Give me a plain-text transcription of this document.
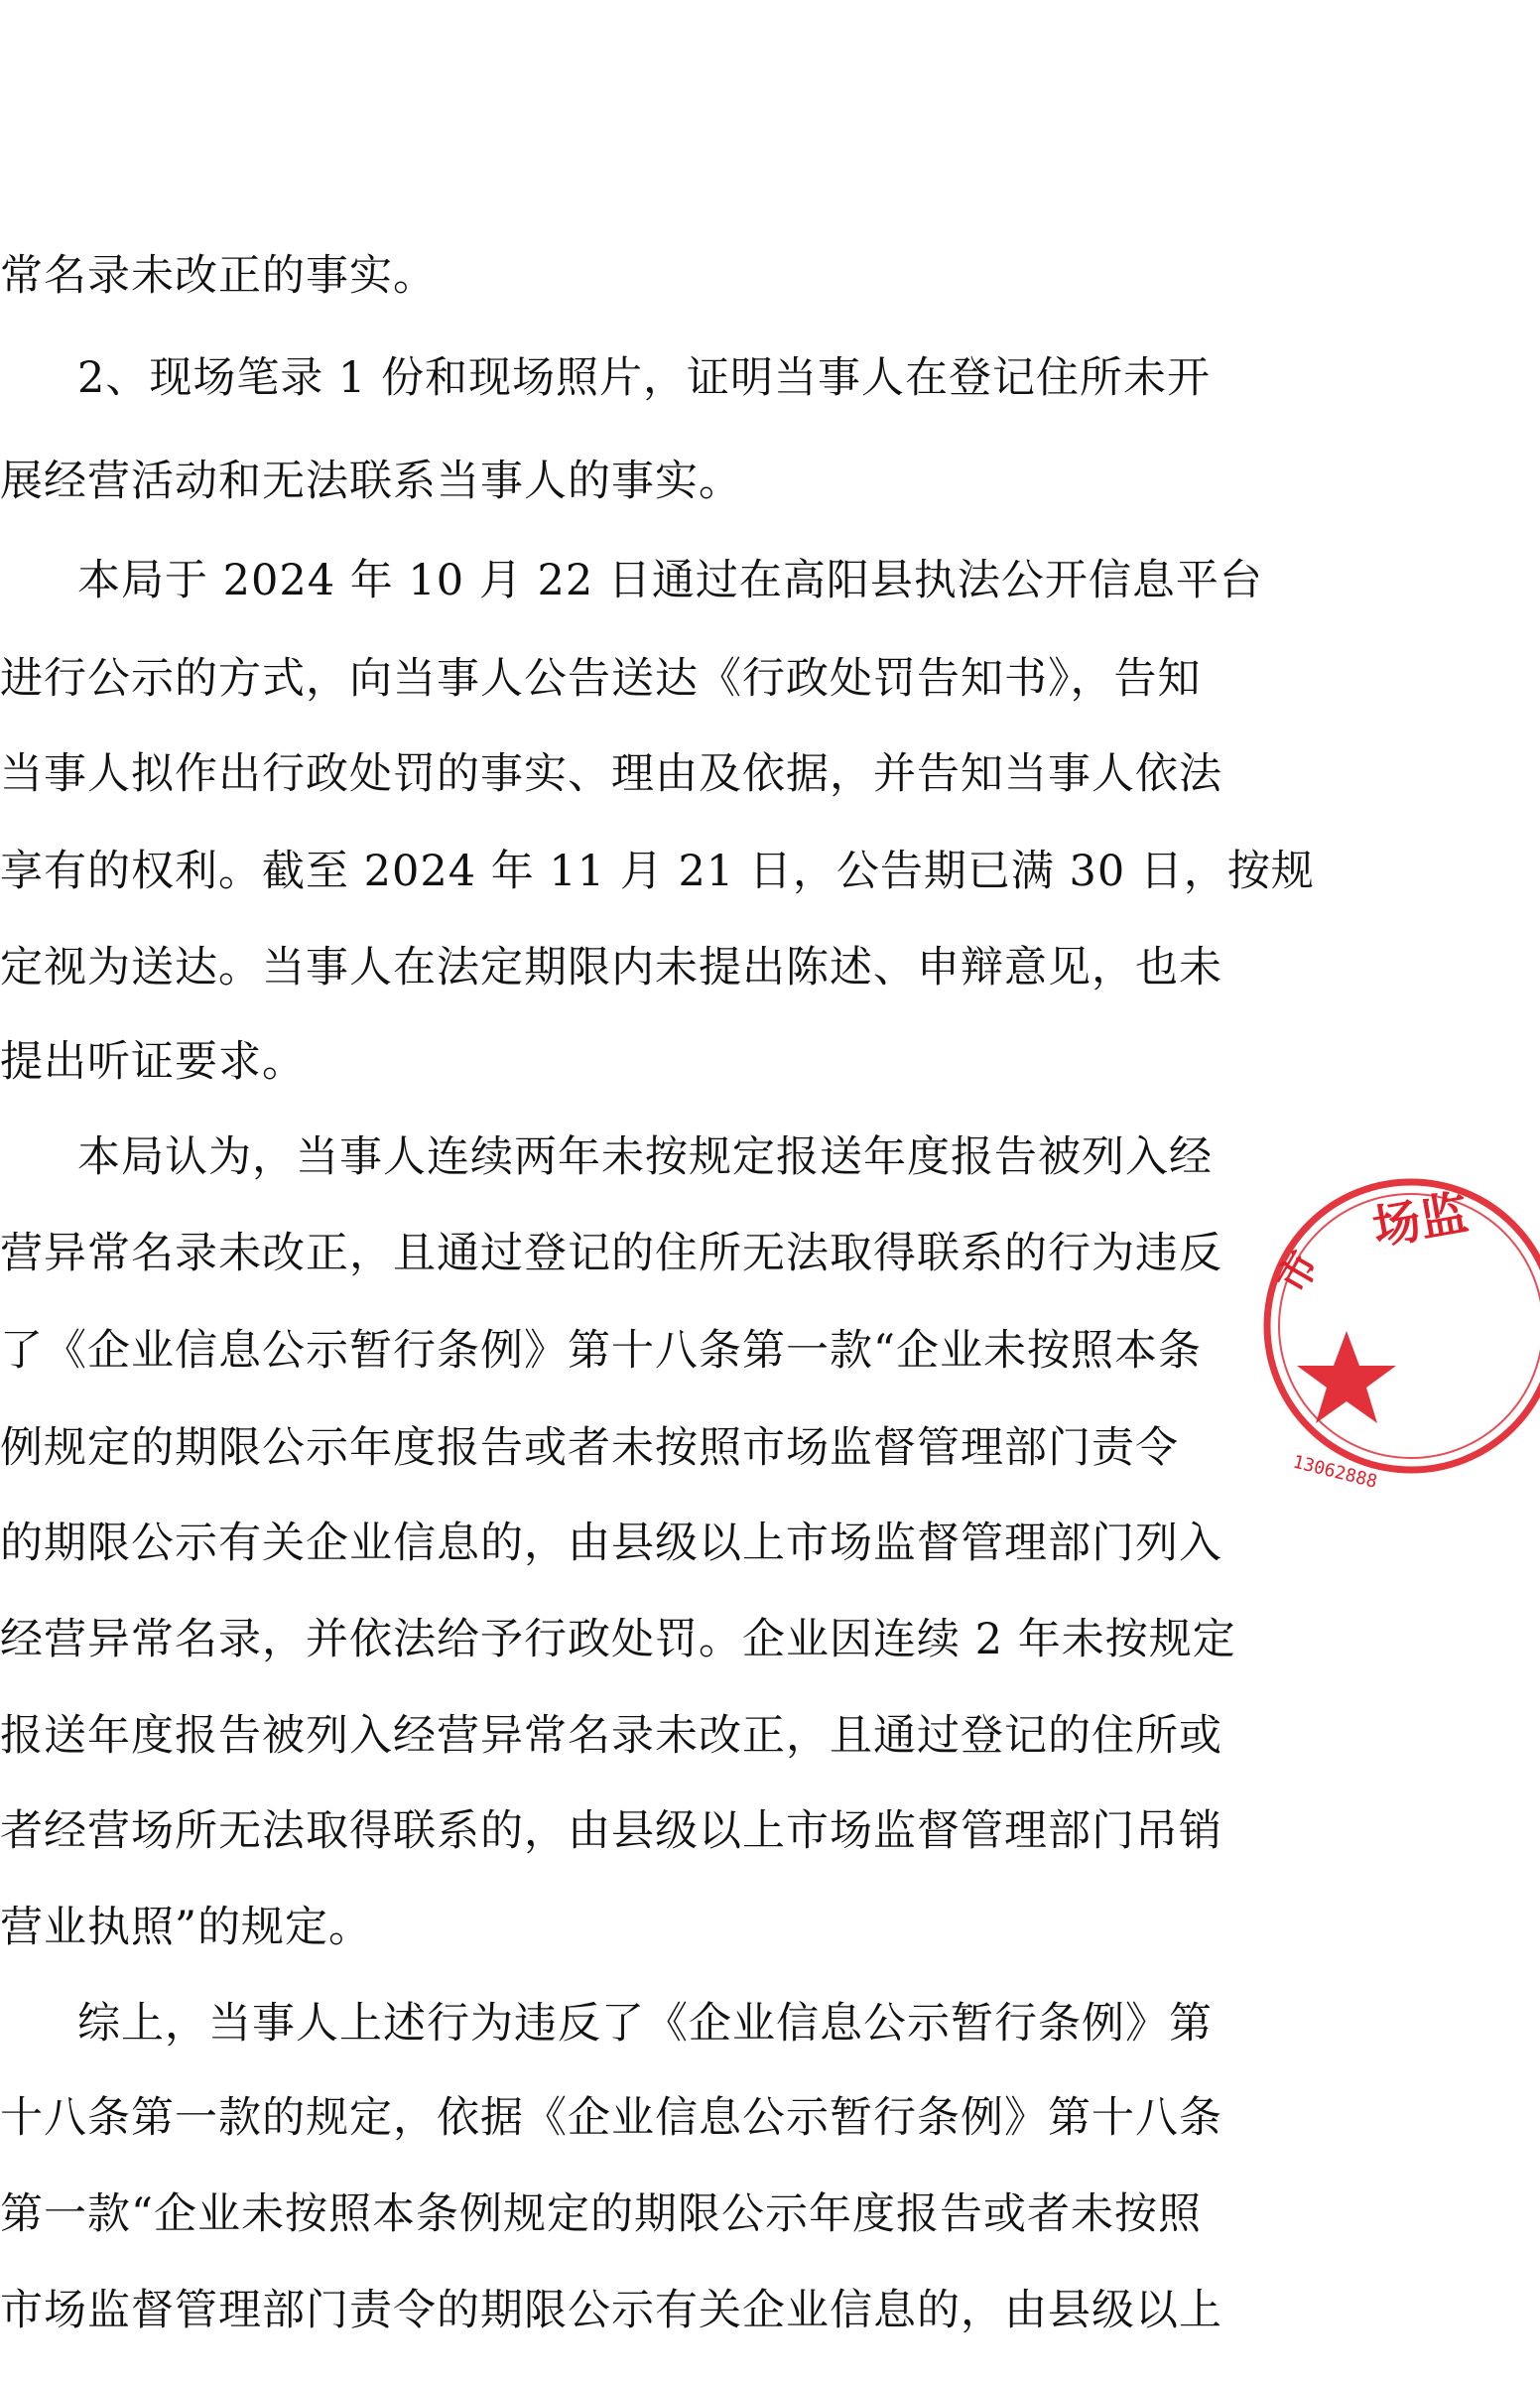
常名录未改正的事实。
2、现场笔录 1 份和现场照片，证明当事人在登记住所未开
展经营活动和无法联系当事人的事实。
本局于 2024 年 10 月 22 日通过在高阳县执法公开信息平台
进行公示的方式，向当事人公告送达《行政处罚告知书》，告知
当事人拟作出行政处罚的事实、理由及依据，并告知当事人依法
享有的权利。截至 2024 年 11 月 21 日，公告期已满 30 日，按规
定视为送达。当事人在法定期限内未提出陈述、申辩意见，也未
提出听证要求。
本局认为，当事人连续两年未按规定报送年度报告被列入经
营异常名录未改正，且通过登记的住所无法取得联系的行为违反
了《企业信息公示暂行条例》第十八条第一款“企业未按照本条
例规定的期限公示年度报告或者未按照市场监督管理部门责令
的期限公示有关企业信息的，由县级以上市场监督管理部门列入
经营异常名录，并依法给予行政处罚。企业因连续 2 年未按规定
报送年度报告被列入经营异常名录未改正，且通过登记的住所或
者经营场所无法取得联系的，由县级以上市场监督管理部门吊销
营业执照”的规定。
综上，当事人上述行为违反了《企业信息公示暂行条例》第
十八条第一款的规定，依据《企业信息公示暂行条例》第十八条
第一款“企业未按照本条例规定的期限公示年度报告或者未按照
市场监督管理部门责令的期限公示有关企业信息的，由县级以上
场监
市
13062888
